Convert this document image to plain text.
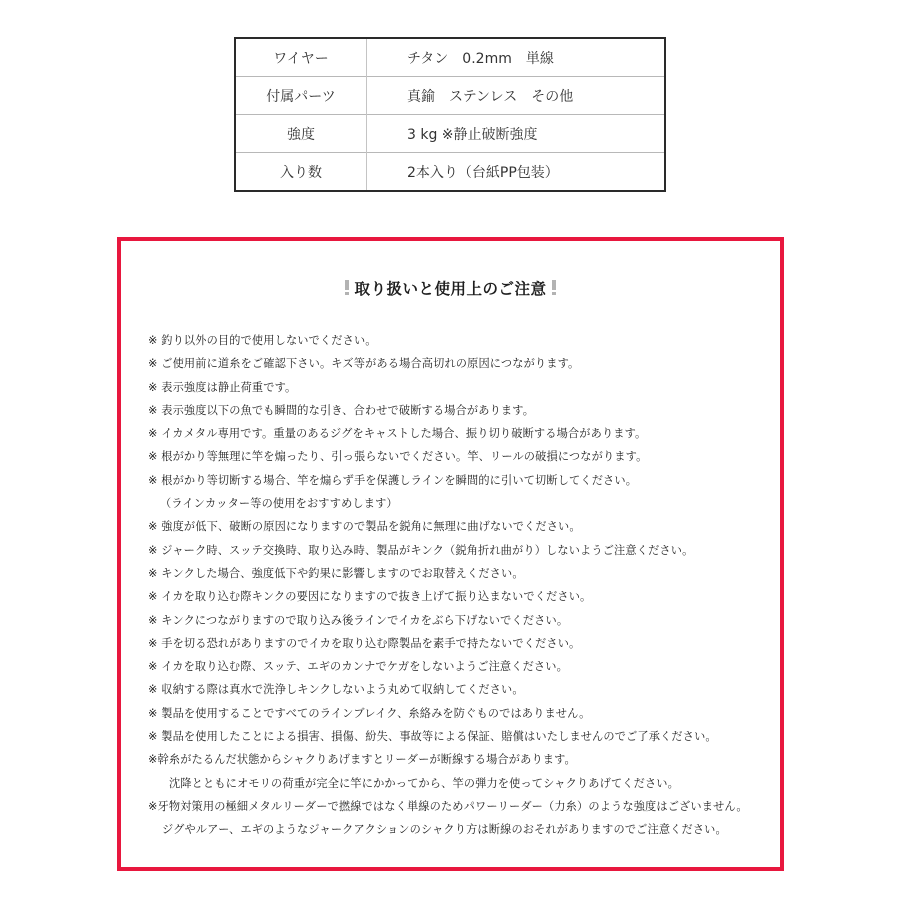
ワイヤー	チタン　0.2mm　単線
付属パーツ	真鍮　ステンレス　その他
強度	3 kg ※静止破断強度
入り数	2本入り（台紙PP包装）
取り扱いと使用上のご注意
※ 釣り以外の目的で使用しないでください。
※ ご使用前に道糸をご確認下さい。キズ等がある場合高切れの原因につながります。
※ 表示強度は静止荷重です。
※ 表示強度以下の魚でも瞬間的な引き、合わせで破断する場合があります。
※ イカメタル専用です。重量のあるジグをキャストした場合、振り切り破断する場合があります。
※ 根がかり等無理に竿を煽ったり、引っ張らないでください。竿、リールの破損につながります。
※ 根がかり等切断する場合、竿を煽らず手を保護しラインを瞬間的に引いて切断してください。
（ラインカッター等の使用をおすすめします）
※ 強度が低下、破断の原因になりますので製品を鋭角に無理に曲げないでください。
※ ジャーク時、スッテ交換時、取り込み時、製品がキンク（鋭角折れ曲がり）しないようご注意ください。
※ キンクした場合、強度低下や釣果に影響しますのでお取替えください。
※ イカを取り込む際キンクの要因になりますので抜き上げて振り込まないでください。
※ キンクにつながりますので取り込み後ラインでイカをぶら下げないでください。
※ 手を切る恐れがありますのでイカを取り込む際製品を素手で持たないでください。
※ イカを取り込む際、スッテ、エギのカンナでケガをしないようご注意ください。
※ 収納する際は真水で洗浄しキンクしないよう丸めて収納してください。
※ 製品を使用することですべてのラインブレイク、糸絡みを防ぐものではありません。
※ 製品を使用したことによる損害、損傷、紛失、事故等による保証、賠償はいたしませんのでご了承ください。
※幹糸がたるんだ状態からシャクりあげますとリーダーが断線する場合があります。
沈降とともにオモリの荷重が完全に竿にかかってから、竿の弾力を使ってシャクりあげてください。
※牙物対策用の極細メタルリーダーで撚線ではなく単線のためパワーリーダー（力糸）のような強度はございません。
ジグやルアー、エギのようなジャークアクションのシャクり方は断線のおそれがありますのでご注意ください。
